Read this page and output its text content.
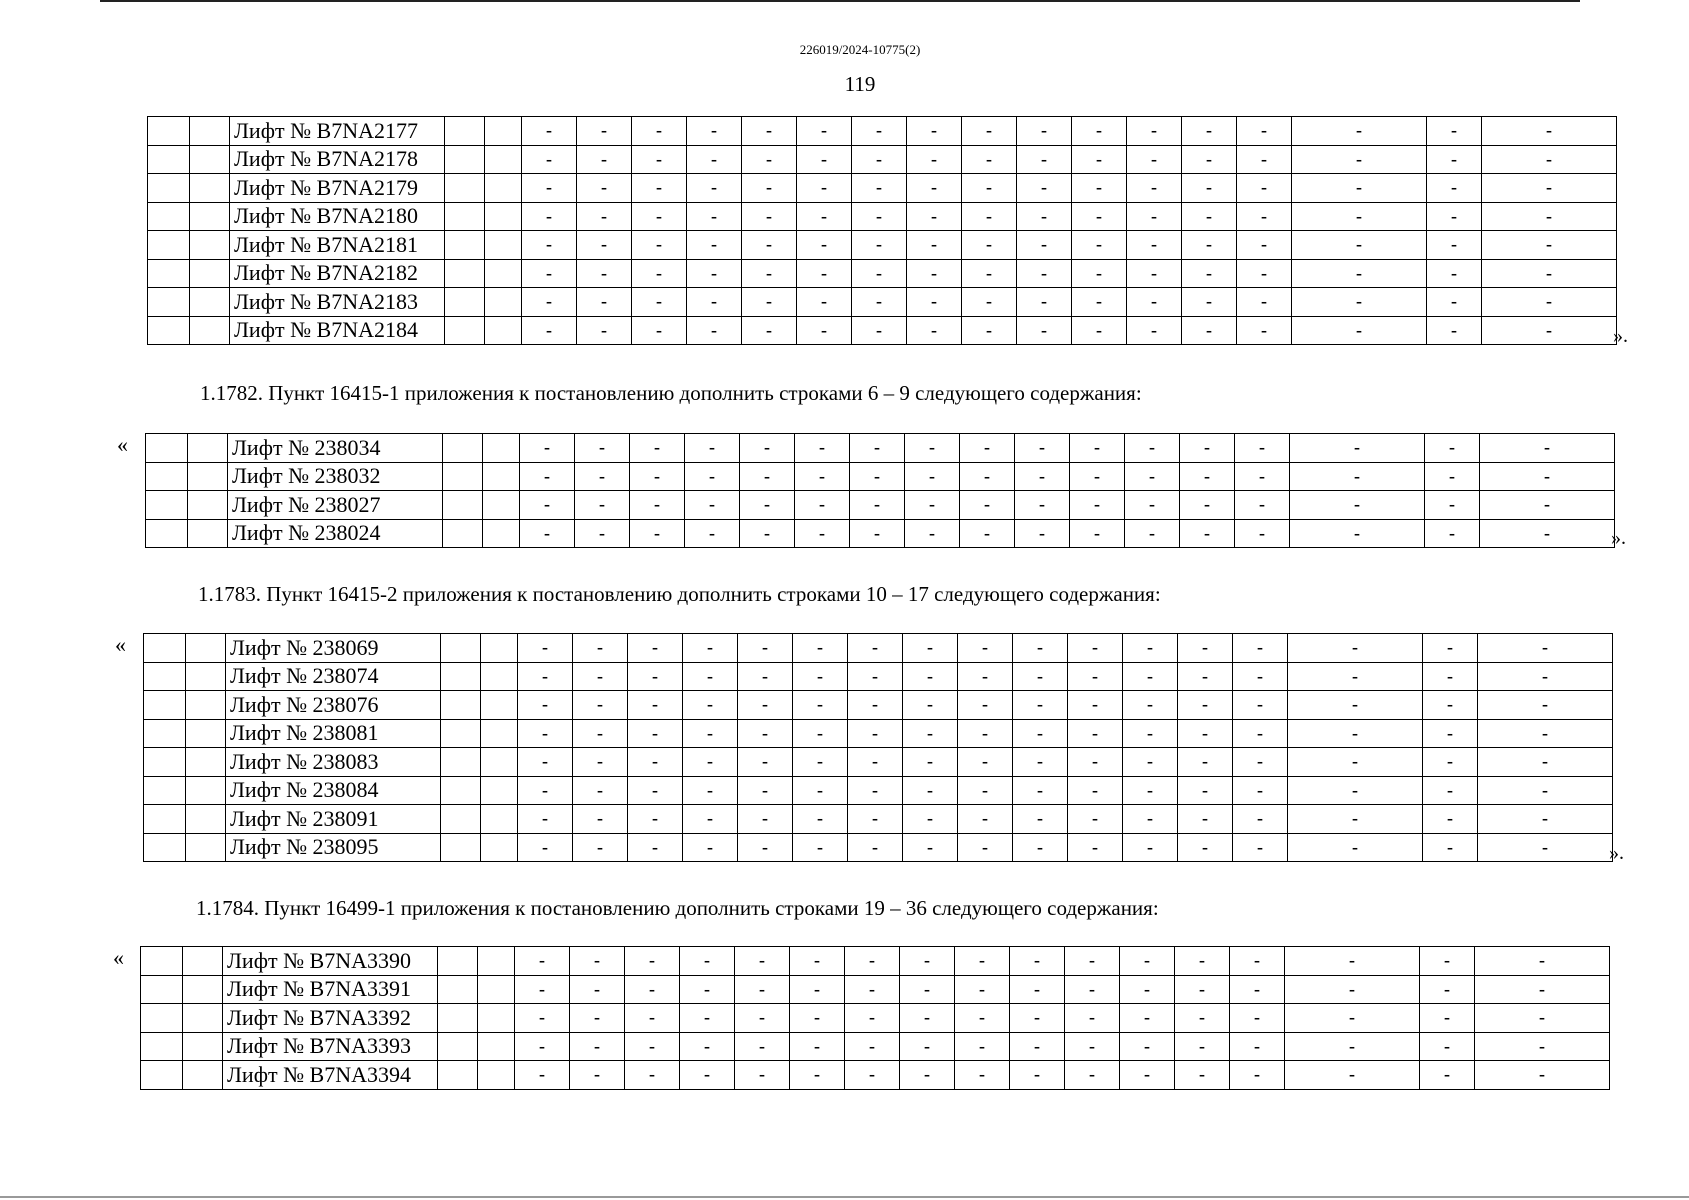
226019/2024-10775(2)
119
		Лифт № B7NA2177			-	-	-	-	-	-	-	-	-	-	-	-	-	-	-	-	-
		Лифт № B7NA2178			-	-	-	-	-	-	-	-	-	-	-	-	-	-	-	-	-
		Лифт № B7NA2179			-	-	-	-	-	-	-	-	-	-	-	-	-	-	-	-	-
		Лифт № B7NA2180			-	-	-	-	-	-	-	-	-	-	-	-	-	-	-	-	-
		Лифт № B7NA2181			-	-	-	-	-	-	-	-	-	-	-	-	-	-	-	-	-
		Лифт № B7NA2182			-	-	-	-	-	-	-	-	-	-	-	-	-	-	-	-	-
		Лифт № B7NA2183			-	-	-	-	-	-	-	-	-	-	-	-	-	-	-	-	-
		Лифт № B7NA2184			-	-	-	-	-	-	-	-	-	-	-	-	-	-	-	-	-	».
1.1782. Пункт 16415-1 приложения к постановлению дополнить строками 6 – 9 следующего содержания:
«
			Лифт № 238034			-	-	-	-	-	-	-	-	-	-	-	-	-	-	-	-	-
		Лифт № 238032			-	-	-	-	-	-	-	-	-	-	-	-	-	-	-	-	-
		Лифт № 238027			-	-	-	-	-	-	-	-	-	-	-	-	-	-	-	-	-
		Лифт № 238024			-	-	-	-	-	-	-	-	-	-	-	-	-	-	-	-	-	».
1.1783. Пункт 16415-2 приложения к постановлению дополнить строками 10 – 17 следующего содержания:
«
			Лифт № 238069			-	-	-	-	-	-	-	-	-	-	-	-	-	-	-	-	-
		Лифт № 238074			-	-	-	-	-	-	-	-	-	-	-	-	-	-	-	-	-
		Лифт № 238076			-	-	-	-	-	-	-	-	-	-	-	-	-	-	-	-	-
		Лифт № 238081			-	-	-	-	-	-	-	-	-	-	-	-	-	-	-	-	-
		Лифт № 238083			-	-	-	-	-	-	-	-	-	-	-	-	-	-	-	-	-
		Лифт № 238084			-	-	-	-	-	-	-	-	-	-	-	-	-	-	-	-	-
		Лифт № 238091			-	-	-	-	-	-	-	-	-	-	-	-	-	-	-	-	-
		Лифт № 238095			-	-	-	-	-	-	-	-	-	-	-	-	-	-	-	-	-	».
1.1784. Пункт 16499-1 приложения к постановлению дополнить строками 19 – 36 следующего содержания:
«
			Лифт № B7NA3390			-	-	-	-	-	-	-	-	-	-	-	-	-	-	-	-	-
		Лифт № B7NA3391			-	-	-	-	-	-	-	-	-	-	-	-	-	-	-	-	-
		Лифт № B7NA3392			-	-	-	-	-	-	-	-	-	-	-	-	-	-	-	-	-
		Лифт № B7NA3393			-	-	-	-	-	-	-	-	-	-	-	-	-	-	-	-	-
		Лифт № B7NA3394			-	-	-	-	-	-	-	-	-	-	-	-	-	-	-	-	-
